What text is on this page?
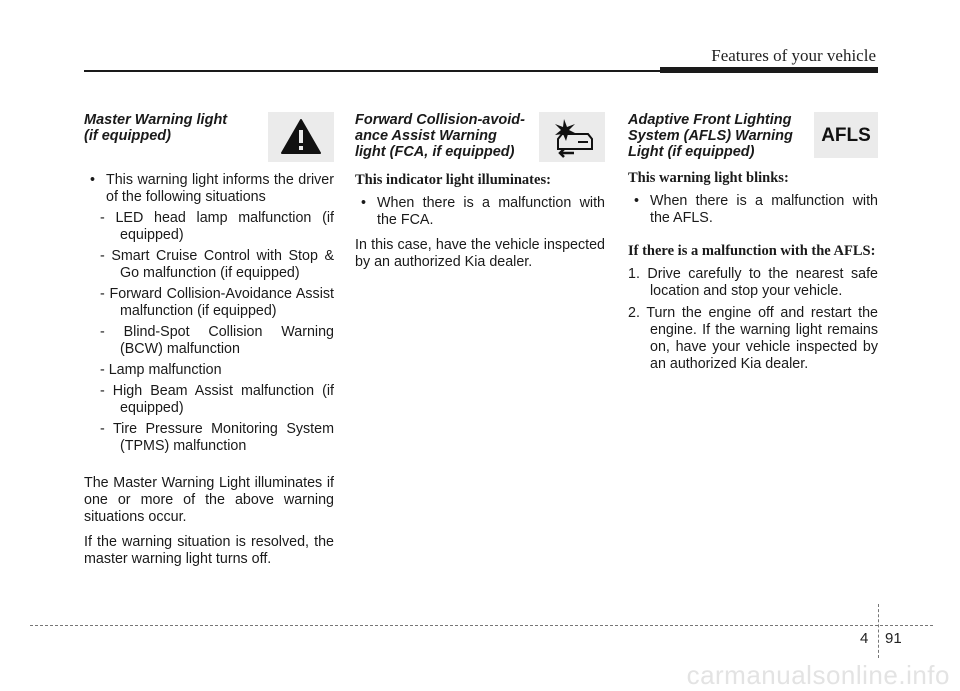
Features of your vehicle
Master Warning light
(if equipped)
• This warning light informs the driver of the following situations
- LED head lamp malfunction (if equipped)
- Smart Cruise Control with Stop & Go malfunction (if equipped)
- Forward Collision-Avoidance Assist malfunction (if equipped)
- Blind-Spot Collision Warning (BCW) malfunction
- Lamp malfunction
- High Beam Assist malfunction (if equipped)
- Tire Pressure Monitoring System (TPMS) malfunction
The Master Warning Light illuminates if one or more of the above warning situations occur.
If the warning situation is resolved, the master warning light turns off.
Forward Collision-avoid-
ance Assist Warning
light (FCA, if equipped)
This indicator light illuminates:
• When there is a malfunction with the FCA.
In this case, have the vehicle inspected by an authorized Kia dealer.
Adaptive Front Lighting
System (AFLS) Warning
Light (if equipped)
AFLS
This warning light blinks:
• When there is a malfunction with the AFLS.
If there is a malfunction with the AFLS:
1. Drive carefully to the nearest safe location and stop your vehicle.
2. Turn the engine off and restart the engine. If the warning light remains on, have your vehicle inspected by an authorized Kia dealer.
4 91
carmanualsonline.info
